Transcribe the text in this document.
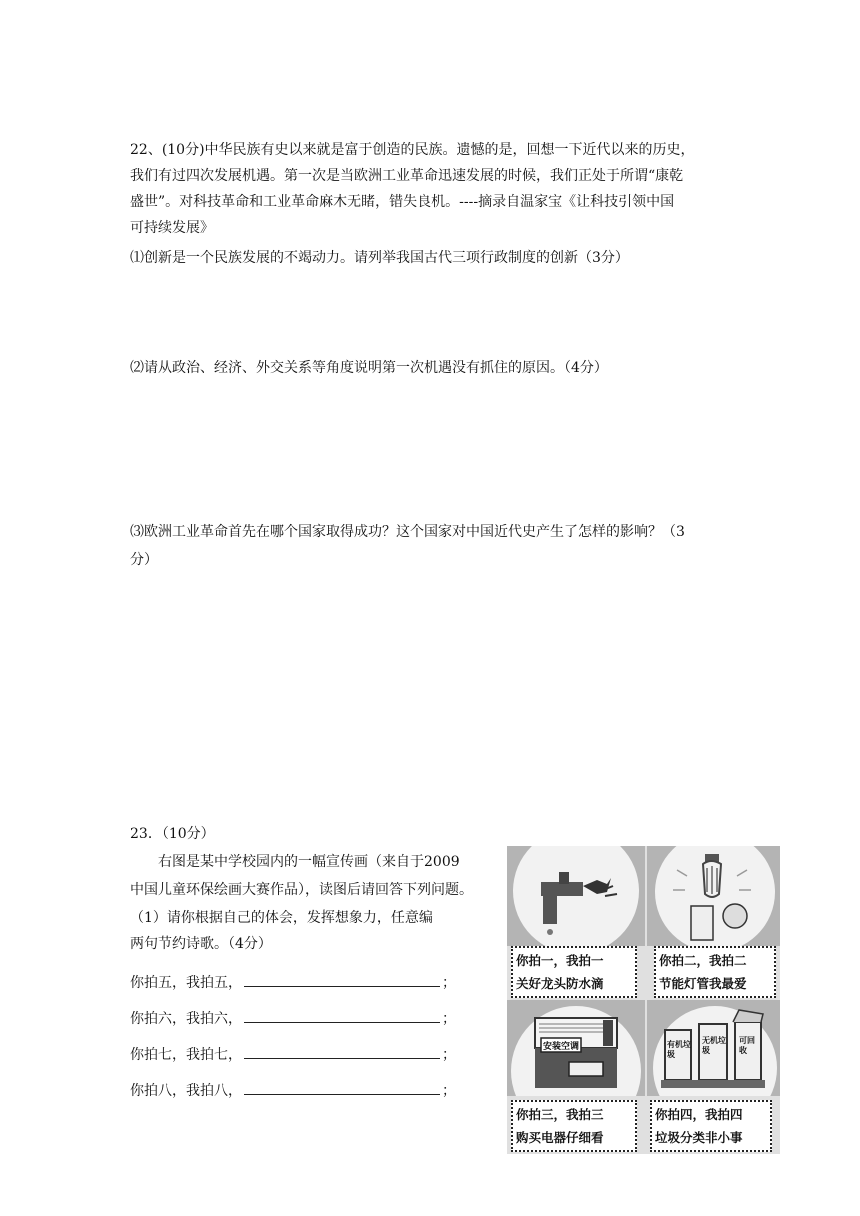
22、(10分)中华民族有史以来就是富于创造的民族。遗憾的是，回想一下近代以来的历史，
我们有过四次发展机遇。第一次是当欧洲工业革命迅速发展的时候，我们正处于所谓“康乾
盛世”。对科技革命和工业革命麻木无睹，错失良机。----摘录自温家宝《让科技引领中国
可持续发展》
⑴创新是一个民族发展的不竭动力。请列举我国古代三项行政制度的创新（3分）
⑵请从政治、经济、外交关系等角度说明第一次机遇没有抓住的原因。（4分）
⑶欧洲工业革命首先在哪个国家取得成功？这个国家对中国近代史产生了怎样的影响？（3
分）
23．（10分）
右图是某中学校园内的一幅宣传画（来自于2009
中国儿童环保绘画大赛作品），读图后请回答下列问题。
（1）请你根据自己的体会，发挥想象力，任意编
两句节约诗歌。（4分）
你拍五，我拍五，	；
你拍六，我拍六，	；
你拍七，我拍七，	；
你拍八，我拍八，	；
你拍一，我拍一
关好龙头防水滴
你拍二，我拍二
节能灯管我最爱
安装空调
你拍三，我拍三
购买电器仔细看
有机垃圾
无机垃圾
可回收
你拍四，我拍四
垃圾分类非小事
